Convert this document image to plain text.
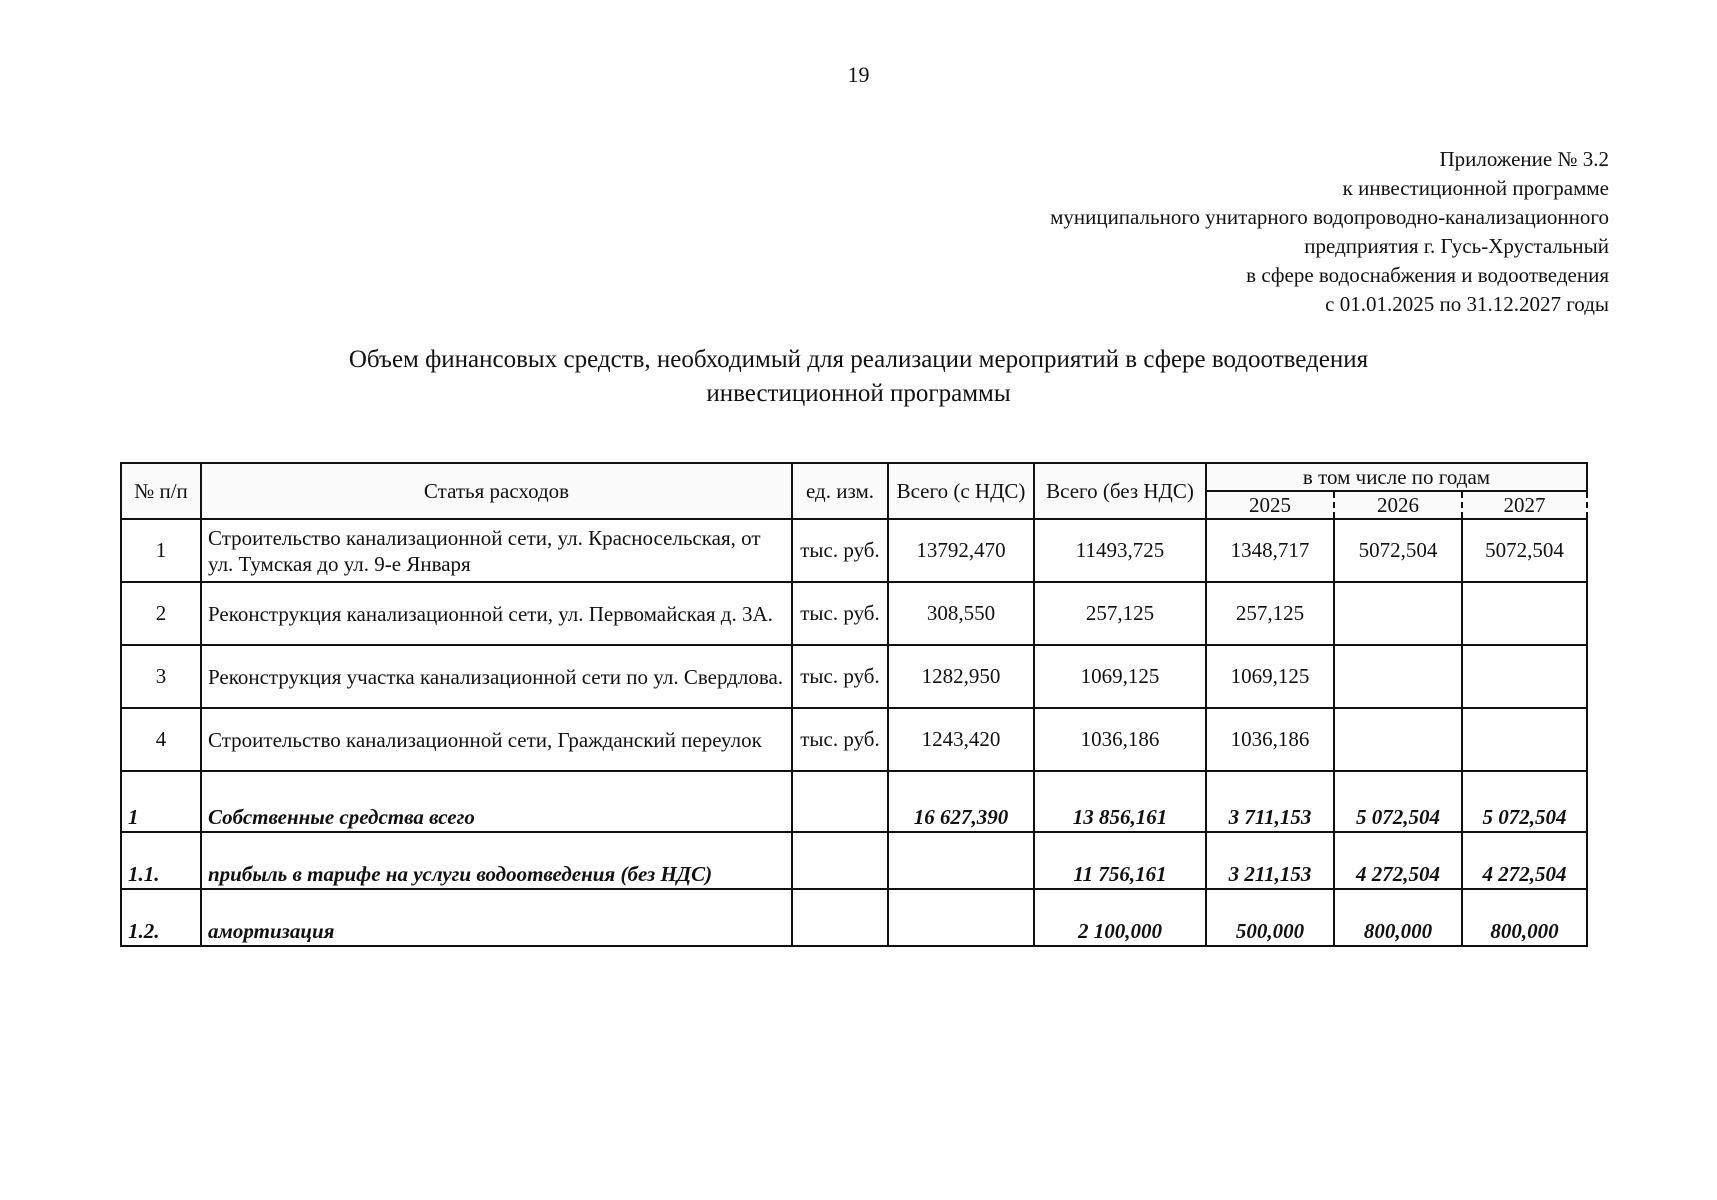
19
Приложение № 3.2
к инвестиционной программе
муниципального унитарного водопроводно-канализационного
предприятия г. Гусь-Хрустальный
в сфере водоснабжения и водоотведения
с 01.01.2025 по 31.12.2027 годы
Объем финансовых средств, необходимый для реализации мероприятий в сфере водоотведения
инвестиционной программы
№ п/п	Статья расходов	ед. изм.	Всего (с НДС)	Всего (без НДС)	в том числе по годам		
					2025	2026	2027
1	Строительство канализационной сети, ул. Красносельская, от ул. Тумская до ул. 9-е Января	тыс. руб.	13792,470	11493,725	1348,717	5072,504	5072,504
2	Реконструкция канализационной сети, ул. Первомайская д. 3А.	тыс. руб.	308,550	257,125	257,125		
3	Реконструкция участка канализационной сети по ул. Свердлова.	тыс. руб.	1282,950	1069,125	1069,125		
4	Строительство канализационной сети, Гражданский переулок	тыс. руб.	1243,420	1036,186	1036,186		
1	Собственные средства всего		16 627,390	13 856,161	3 711,153	5 072,504	5 072,504
1.1.	прибыль в тарифе на услуги водоотведения (без НДС)			11 756,161	3 211,153	4 272,504	4 272,504
1.2.	амортизация			2 100,000	500,000	800,000	800,000
